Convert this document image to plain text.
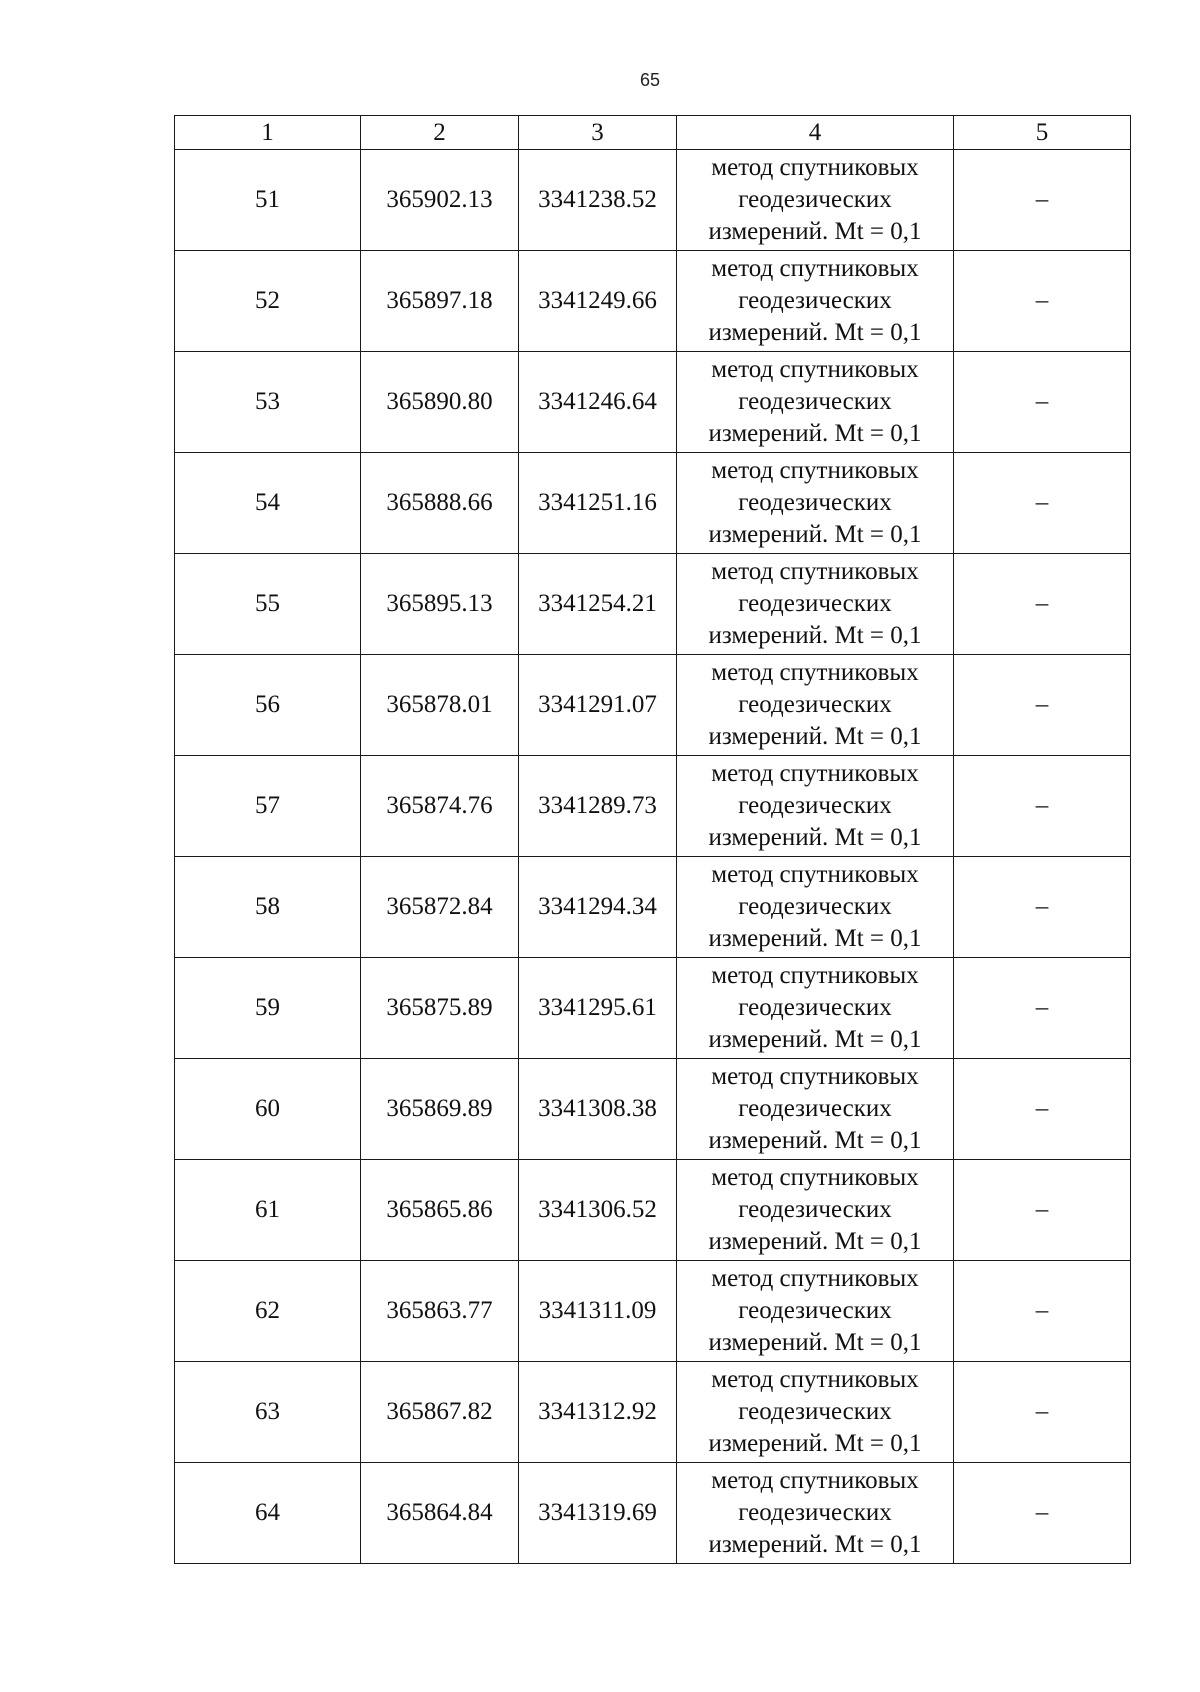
65
1	2	3	4	5
51	365902.13	3341238.52	метод спутниковых
геодезических
измерений. Mt = 0,1	–
52	365897.18	3341249.66	метод спутниковых
геодезических
измерений. Mt = 0,1	–
53	365890.80	3341246.64	метод спутниковых
геодезических
измерений. Mt = 0,1	–
54	365888.66	3341251.16	метод спутниковых
геодезических
измерений. Mt = 0,1	–
55	365895.13	3341254.21	метод спутниковых
геодезических
измерений. Mt = 0,1	–
56	365878.01	3341291.07	метод спутниковых
геодезических
измерений. Mt = 0,1	–
57	365874.76	3341289.73	метод спутниковых
геодезических
измерений. Mt = 0,1	–
58	365872.84	3341294.34	метод спутниковых
геодезических
измерений. Mt = 0,1	–
59	365875.89	3341295.61	метод спутниковых
геодезических
измерений. Mt = 0,1	–
60	365869.89	3341308.38	метод спутниковых
геодезических
измерений. Mt = 0,1	–
61	365865.86	3341306.52	метод спутниковых
геодезических
измерений. Mt = 0,1	–
62	365863.77	3341311.09	метод спутниковых
геодезических
измерений. Mt = 0,1	–
63	365867.82	3341312.92	метод спутниковых
геодезических
измерений. Mt = 0,1	–
64	365864.84	3341319.69	метод спутниковых
геодезических
измерений. Mt = 0,1	–
